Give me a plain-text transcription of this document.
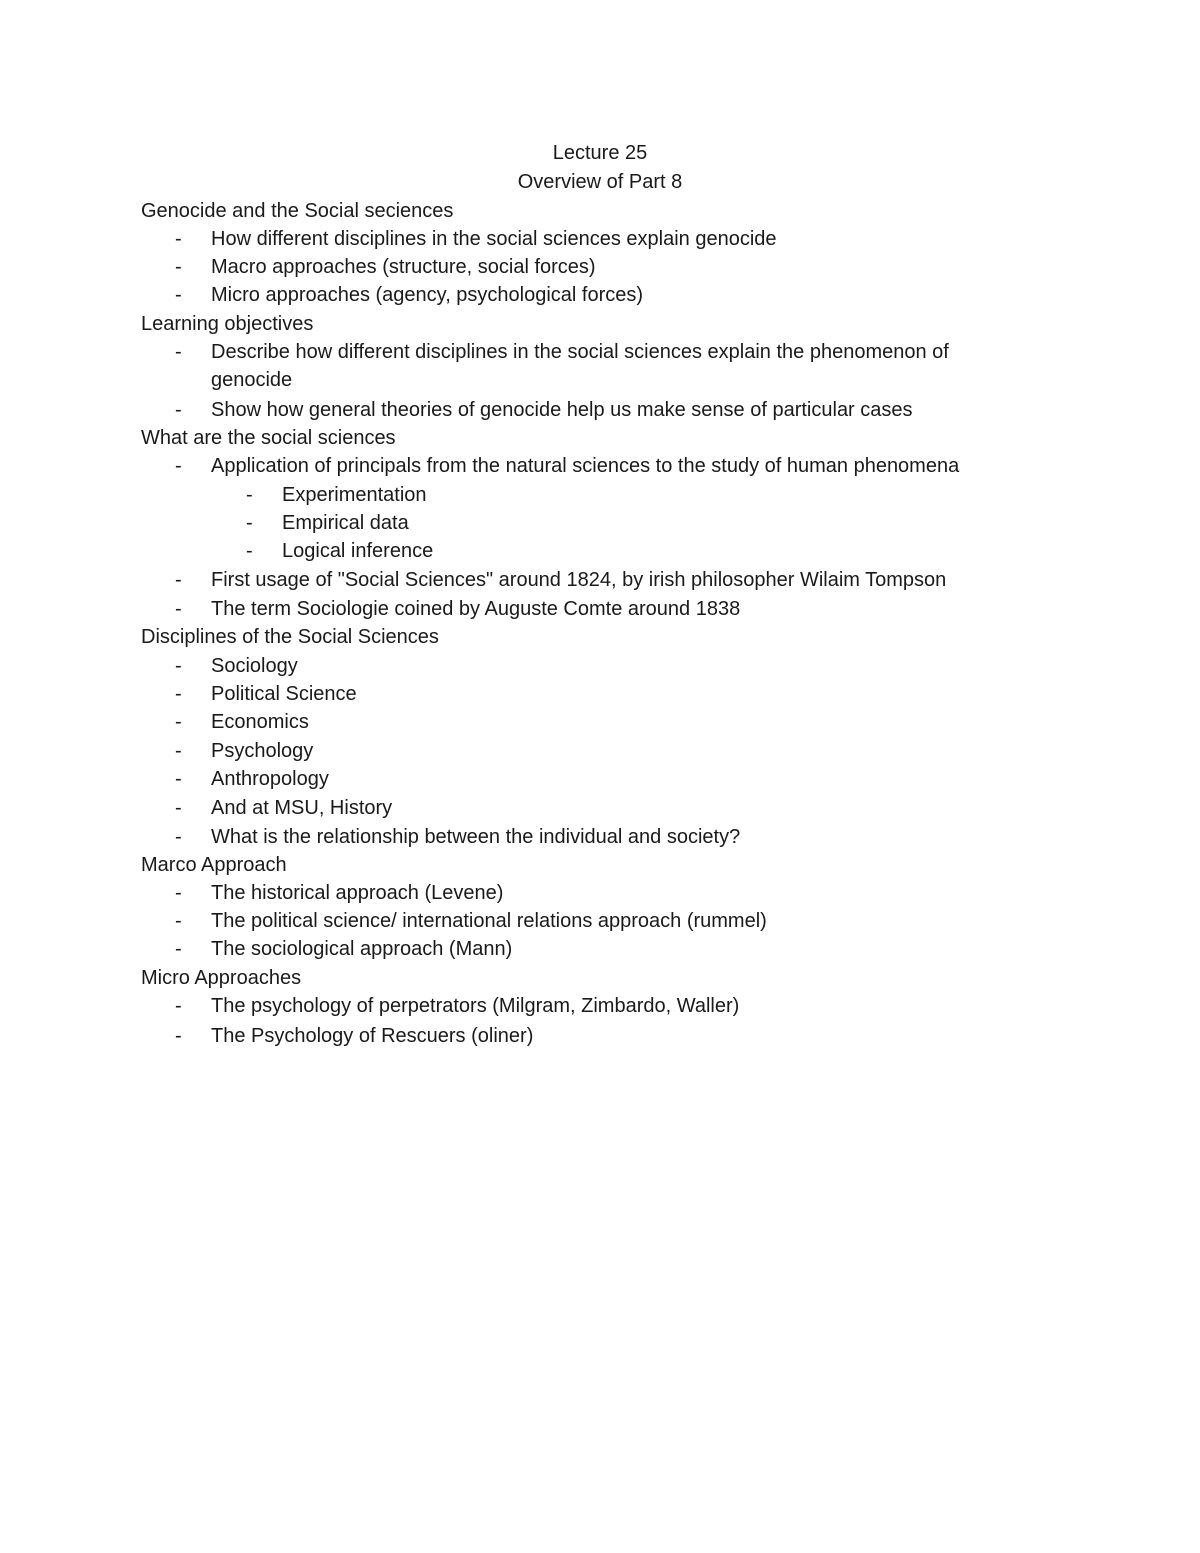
Lecture 25
Overview of Part 8
Genocide and the Social seciences
- How different disciplines in the social sciences explain genocide
- Macro approaches (structure, social forces)
- Micro approaches (agency, psychological forces)
Learning objectives
- Describe how different disciplines in the social sciences explain the phenomenon of
genocide
- Show how general theories of genocide help us make sense of particular cases
What are the social sciences
- Application of principals from the natural sciences to the study of human phenomena
- Experimentation
- Empirical data
- Logical inference
- First usage of "Social Sciences" around 1824, by irish philosopher Wilaim Tompson
- The term Sociologie coined by Auguste Comte around 1838
Disciplines of the Social Sciences
- Sociology
- Political Science
- Economics
- Psychology
- Anthropology
- And at MSU, History
- What is the relationship between the individual and society?
Marco Approach
- The historical approach (Levene)
- The political science/ international relations approach (rummel)
- The sociological approach (Mann)
Micro Approaches
- The psychology of perpetrators (Milgram, Zimbardo, Waller)
- The Psychology of Rescuers (oliner)
